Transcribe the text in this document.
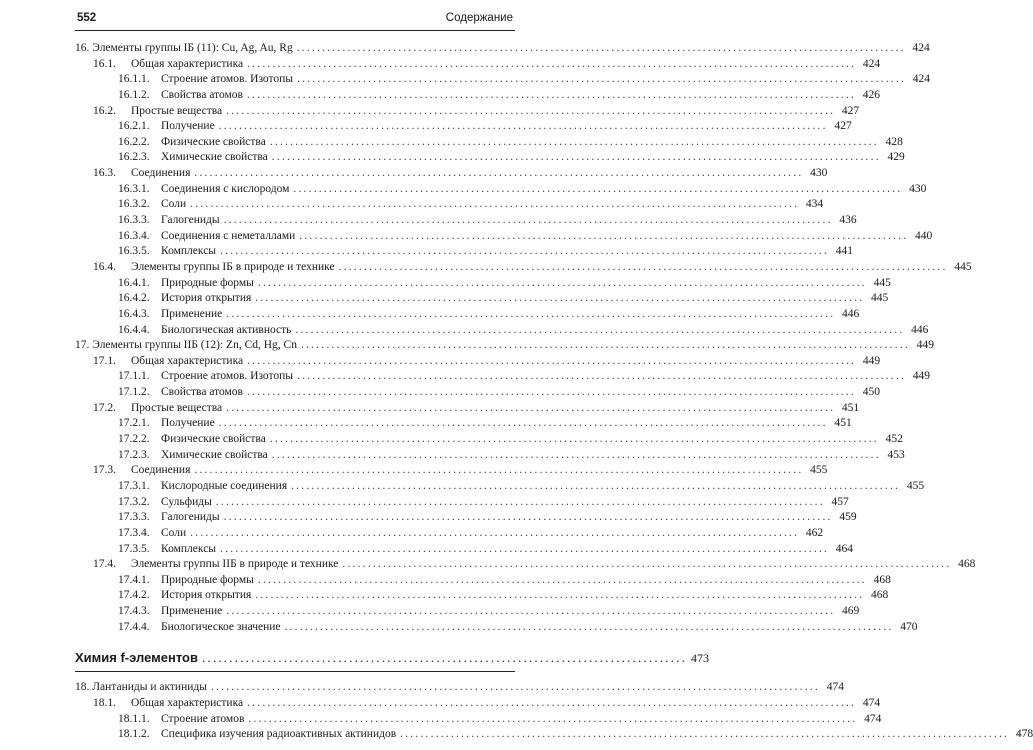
552	Содержание
16. Элементы группы IБ (11): Cu, Ag, Au, Rg ........................................................................................................................ 424
16.1. Общая характеристика ........................................................................................................................ 424
16.1.1. Строение атомов. Изотопы ........................................................................................................................ 424
16.1.2. Свойства атомов ........................................................................................................................ 426
16.2. Простые вещества ........................................................................................................................ 427
16.2.1. Получение ........................................................................................................................ 427
16.2.2. Физические свойства ........................................................................................................................ 428
16.2.3. Химические свойства ........................................................................................................................ 429
16.3. Соединения ........................................................................................................................ 430
16.3.1. Соединения с кислородом ........................................................................................................................ 430
16.3.2. Соли ........................................................................................................................ 434
16.3.3. Галогениды ........................................................................................................................ 436
16.3.4. Соединения с неметаллами ........................................................................................................................ 440
16.3.5. Комплексы ........................................................................................................................ 441
16.4. Элементы группы IБ в природе и технике ........................................................................................................................ 445
16.4.1. Природные формы ........................................................................................................................ 445
16.4.2. История открытия ........................................................................................................................ 445
16.4.3. Применение ........................................................................................................................ 446
16.4.4. Биологическая активность ........................................................................................................................ 446
17. Элементы группы IIБ (12): Zn, Cd, Hg, Cn ........................................................................................................................ 449
17.1. Общая характеристика ........................................................................................................................ 449
17.1.1. Строение атомов. Изотопы ........................................................................................................................ 449
17.1.2. Свойства атомов ........................................................................................................................ 450
17.2. Простые вещества ........................................................................................................................ 451
17.2.1. Получение ........................................................................................................................ 451
17.2.2. Физические свойства ........................................................................................................................ 452
17.2.3. Химические свойства ........................................................................................................................ 453
17.3. Соединения ........................................................................................................................ 455
17.3.1. Кислородные соединения ........................................................................................................................ 455
17.3.2. Сульфиды ........................................................................................................................ 457
17.3.3. Галогениды ........................................................................................................................ 459
17.3.4. Соли ........................................................................................................................ 462
17.3.5. Комплексы ........................................................................................................................ 464
17.4. Элементы группы IIБ в природе и технике ........................................................................................................................ 468
17.4.1. Природные формы ........................................................................................................................ 468
17.4.2. История открытия ........................................................................................................................ 468
17.4.3. Применение ........................................................................................................................ 469
17.4.4. Биологическое значение ........................................................................................................................ 470
Химия f-элементов ......................................................................................... 473
18. Лантаниды и актиниды ........................................................................................................................ 474
18.1. Общая характеристика ........................................................................................................................ 474
18.1.1. Строение атомов ........................................................................................................................ 474
18.1.2. Специфика изучения радиоактивных актинидов ........................................................................................................................ 478
